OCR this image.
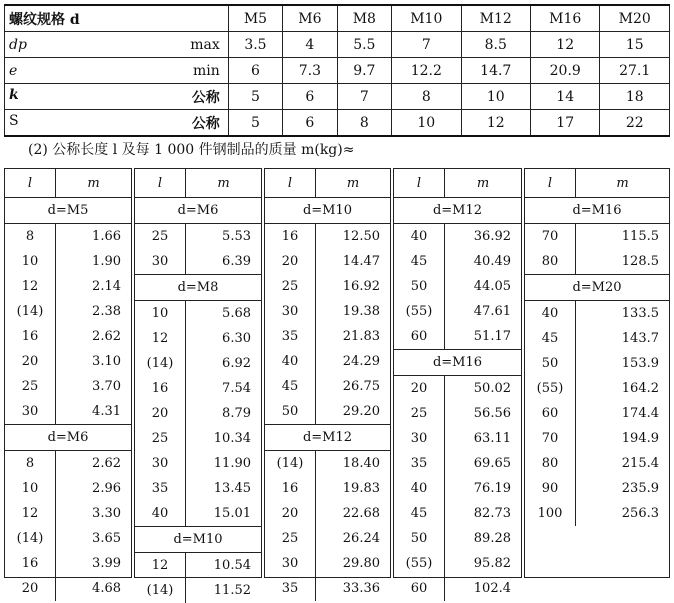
螺纹规格 d	M5	M6	M8	M10	M12	M16	M20
dp max	3.5	4	5.5	7	8.5	12	15
e min	6	7.3	9.7	12.2	14.7	20.9	27.1
k 公称	5	6	7	8	10	14	18
S 公称	5	6	8	10	12	17	22
(2) 公称长度 l 及每 1 000 件钢制品的质量 m(kg)≈
l	m
d=M5
8	1.66
10	1.90
12	2.14
(14)	2.38
16	2.62
20	3.10
25	3.70
30	4.31
d=M6
8	2.62
10	2.96
12	3.30
(14)	3.65
16	3.99
20	4.68
l	m
d=M6
25	5.53
30	6.39
d=M8
10	5.68
12	6.30
(14)	6.92
16	7.54
20	8.79
25	10.34
30	11.90
35	13.45
40	15.01
d=M10
12	10.54
(14)	11.52
l	m
d=M10
16	12.50
20	14.47
25	16.92
30	19.38
35	21.83
40	24.29
45	26.75
50	29.20
d=M12
(14)	18.40
16	19.83
20	22.68
25	26.24
30	29.80
35	33.36
l	m
d=M12
40	36.92
45	40.49
50	44.05
(55)	47.61
60	51.17
d=M16
20	50.02
25	56.56
30	63.11
35	69.65
40	76.19
45	82.73
50	89.28
(55)	95.82
60	102.4
l	m
d=M16
70	115.5
80	128.5
d=M20
40	133.5
45	143.7
50	153.9
(55)	164.2
60	174.4
70	194.9
80	215.4
90	235.9
100	256.3
